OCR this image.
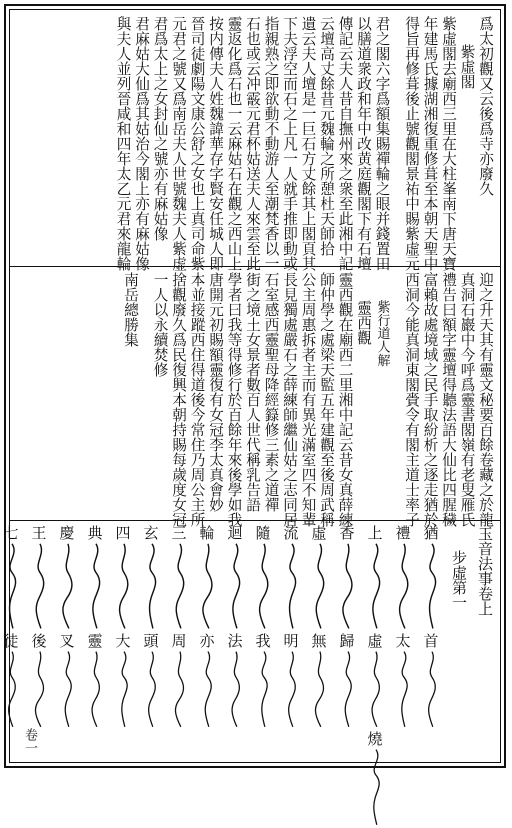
爲太初觀又云後爲寺亦廢久
紫虛閣
紫虛閣去廟西三里在大柱峯南下唐天寶
年建馬氏據湖湘復重修葺至本朝天聖中
得旨再修葺後止號觀閣景祐中賜紫虛元
君之閣六字爲額集賜禪輪之眼并錢置田
以膳道衆政和年中改黄庭觀閣下有石壇
傳記云夫人昔自撫州來之衆至此湘中記
云壇高丈餘昔元魏輪之所憩杜天師拾
遺云夫人壇是一巨石方丈餘其上閣頁其
下夫浮空而石之上凡一人就手推即動或
指親熟之即欲動不動游人至潮梵香以一
石也或云冲霰元君杯姑送夫人來雲至此
靈返化爲石也一云麻姑石在觀之西山上
按内傳夫人姓魏諱華存字賢安任城人即
晉司徒劇陽文康公舒之女也上真司命紫
元君之號又爲南岳夫人世號魏夫人紫虚
君爲太上之女封仙之號亦有麻姑像
君麻姑大仙爲其姑治今閣上亦有麻姑像
與夫人並列晉咸和四年太乙元君來龍輪
迎之升天其有靈文秘要百餘卷藏之於龍
真洞石巖中今呼爲靈書閣嶺有老叟雁氏
禮告曰額字靈壇得聽法語大仙比四腥穢
富賴故處境域之民手取紛析之逐走猶於
西洞今能真洞東閣賫令有閣主道士率子
紫行道人解
靈西觀
靈西觀在廟西二里湘中記云昔女真薛練
師仲學之處梁天監五年建觀至後周武稱
公主周惠拆者主而有異光滿室四不知輩
長見獨處嚴石之薛練師繼仙姑之志同居
石室感西靈聖母降經籙修三素之道禪
街之境土女景者數百人世代稱乳告語
學者曰我等得修行於百餘年來後學如我
唐開元初賜額靈復有女冠李太真會妙
本並接蹤西住得道後今常住乃周公主所
捨觀廢久爲民復興本朝持賜每歲度女冠
一人以永續焚修
南岳總勝集
玉音法事卷上
步虛第一
猶
首
禮
太
上
虛
燒
香
歸
虛
無
流
明
隨
我
迴
法
輪
亦
三
周
玄
頭
四
大
典
靈
慶
叉
王
後
七
徒
卷一
